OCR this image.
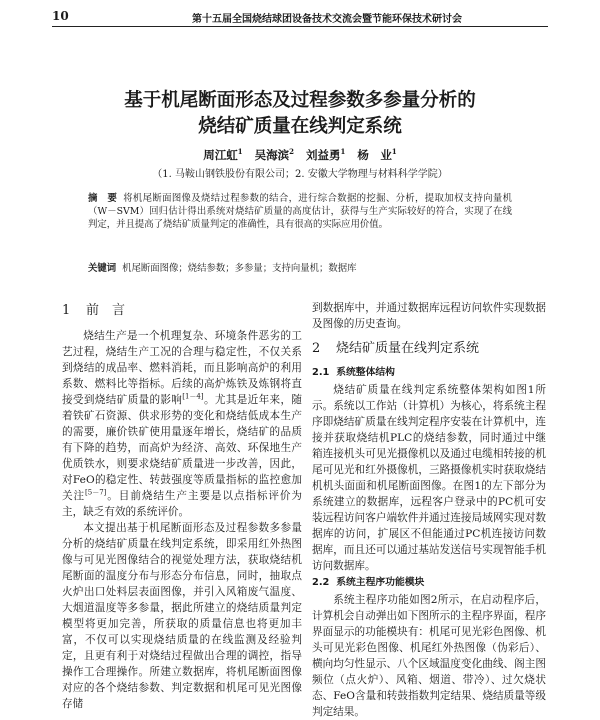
10	第十五届全国烧结球团设备技术交流会暨节能环保技术研讨会
基于机尾断面形态及过程参数多参量分析的
烧结矿质量在线判定系统
周江虹$^1$ 吴海滨$^2$ 刘益勇$^1$ 杨　业$^1$
（1. 马鞍山钢铁股份有限公司；2. 安徽大学物理与材料科学学院）
摘　要 将机尾断面图像及烧结过程参数的结合，进行综合数据的挖掘、分析，提取加权支持向量机（W－SVM）回归估计得出系统对烧结矿质量的高度估计，获得与生产实际较好的符合，实现了在线判定，并且提高了烧结矿质量判定的准确性，具有很高的实际应用价值。
关键词 机尾断面图像；烧结参数；多参量；支持向量机；数据库
1 前　言

烧结生产是一个机理复杂、环境条件恶劣的工艺过程，烧结生产工况的合理与稳定性，不仅关系到烧结的成品率、燃料消耗，而且影响高炉的利用系数、燃料比等指标。后续的高炉炼铁及炼钢将直接受到烧结矿质量的影响[1－4]。尤其是近年来，随着铁矿石资源、供求形势的变化和烧结低成本生产的需要，廉价铁矿使用量逐年增长，烧结矿的品质有下降的趋势，而高炉为经济、高效、环保地生产优质铁水，则要求烧结矿质量进一步改善，因此，对FeO的稳定性、转鼓强度等质量指标的监控愈加关注[5－7]。目前烧结生产主要是以点指标评价为主，缺乏有效的系统评价。

本文提出基于机尾断面形态及过程参数多参量分析的烧结矿质量在线判定系统，即采用红外热图像与可见光图像结合的视觉处理方法，获取烧结机尾断面的温度分布与形态分布信息，同时，抽取点火炉出口处料层表面图像，并引入风箱废气温度、大烟道温度等多参量，据此所建立的烧结质量判定模型将更加完善，所获取的质量信息也将更加丰富，不仅可以实现烧结质量的在线监测及经验判定，且更有利于对烧结过程做出合理的调控，指导操作工合理操作。所建立数据库，将机尾断面图像对应的各个烧结参数、判定数据和机尾可见光图像存储

到数据库中，并通过数据库远程访问软件实现数据及图像的历史查询。

2 烧结矿质量在线判定系统
2.1 系统整体结构

烧结矿质量在线判定系统整体架构如图1所示。系统以工作站（计算机）为核心，将系统主程序即烧结矿质量在线判定程序安装在计算机中，连接并获取烧结机PLC的烧结参数，同时通过中继箱连接机头可见光摄像机以及通过电缆相转接的机尾可见光和红外摄像机，三路摄像机实时获取烧结机机头面面和机尾断面图像。在图1的左下部分为系统建立的数据库，远程客户登录中的PC机可安装远程访问客户端软件并通过连接局域网实现对数据库的访问，扩展区不但能通过PC机连接访问数据库，而且还可以通过基站发送信号实现智能手机访问数据库。

2.2 系统主程序功能模块

系统主程序功能如图2所示，在启动程序后，计算机会自动弹出如下图所示的主程序界面，程序界面显示的功能模块有：机尾可见光彩色图像、机头可见光彩色图像、机尾红外热图像（伪彩后）、横向均匀性显示、八个区域温度变化曲线、阁主图频位（点火炉）、风箱、烟道、带冷）、过欠烧状态、FeO含量和转鼓指数判定结果、烧结质量等级判定结果。
